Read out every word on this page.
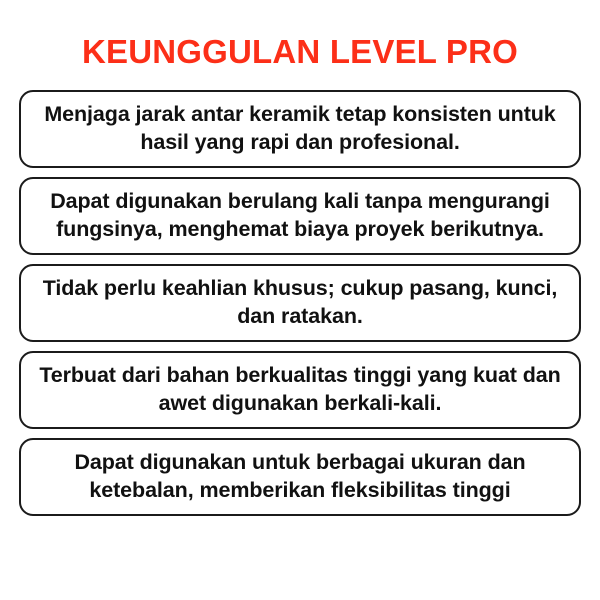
KEUNGGULAN LEVEL PRO
Menjaga jarak antar keramik tetap konsisten untuk hasil yang rapi dan profesional.
Dapat digunakan berulang kali tanpa mengurangi fungsinya, menghemat biaya proyek berikutnya.
Tidak perlu keahlian khusus; cukup pasang, kunci, dan ratakan.
Terbuat dari bahan berkualitas tinggi yang kuat dan awet digunakan berkali-kali.
Dapat digunakan untuk berbagai ukuran dan ketebalan, memberikan fleksibilitas tinggi
